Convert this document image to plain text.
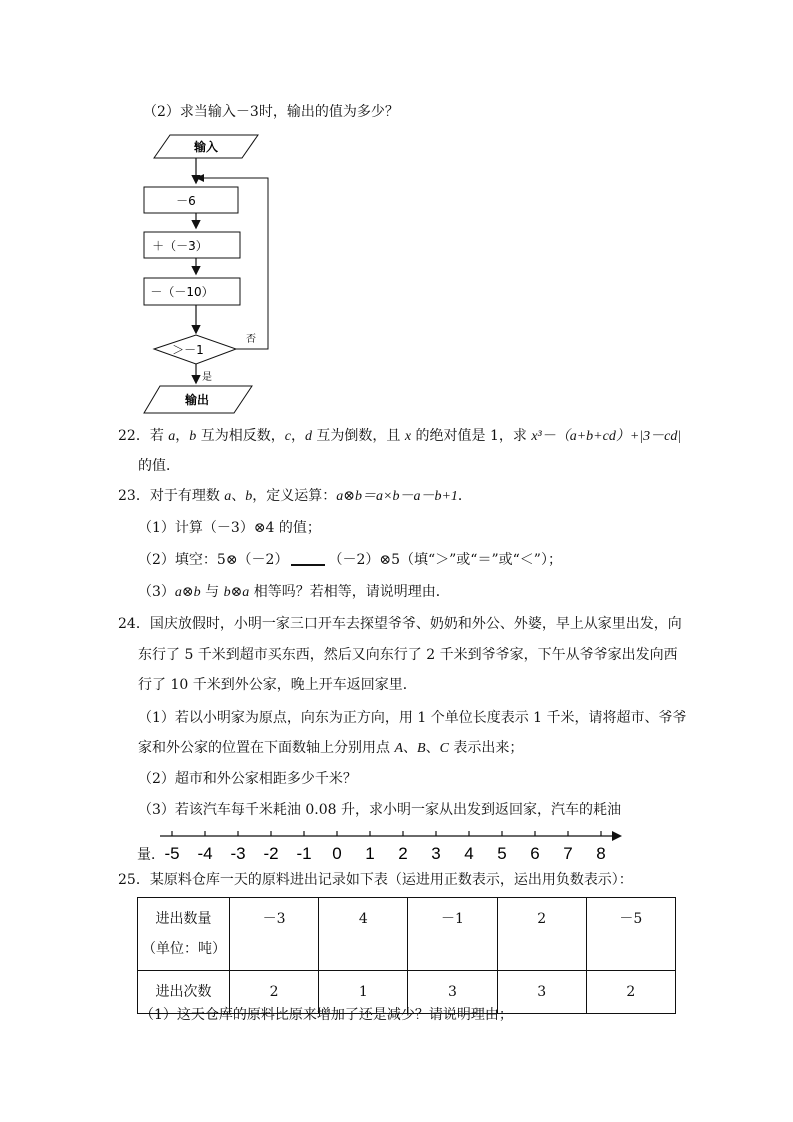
（2）求当输入－3时，输出的值为多少？
输入
－6
＋（－3）
－（－10）
＞－1
否
是
输出
22．若 a，b 互为相反数，c，d 互为倒数，且 x 的绝对值是 1，求 x³－（a+b+cd）+|3－cd|
的值．
23．对于有理数 a、b，定义运算：a⊗b＝a×b－a－b+1．
（1）计算（－3）⊗4 的值；
（2）填空：5⊗（－2）	（－2）⊗5（填“＞”或“＝”或“＜”）；
（3）a⊗b 与 b⊗a 相等吗？若相等，请说明理由．
24．国庆放假时，小明一家三口开车去探望爷爷、奶奶和外公、外婆，早上从家里出发，向
东行了 5 千米到超市买东西，然后又向东行了 2 千米到爷爷家，下午从爷爷家出发向西
行了 10 千米到外公家，晚上开车返回家里．
（1）若以小明家为原点，向东为正方向，用 1 个单位长度表示 1 千米，请将超市、爷爷
家和外公家的位置在下面数轴上分别用点 A、B、C 表示出来；
（2）超市和外公家相距多少千米？
（3）若该汽车每千米耗油 0.08 升，求小明一家从出发到返回家，汽车的耗油
-5 -4 -3 -2 -1 0 1 2 3 4 5 6 7 8
量．
25．某原料仓库一天的原料进出记录如下表（运进用正数表示，运出用负数表示）：
进出数量
（单位：吨）	－3	4	－1	2	－5
进出次数	2	1	3	3	2
（1）这天仓库的原料比原来增加了还是减少？请说明理由；
